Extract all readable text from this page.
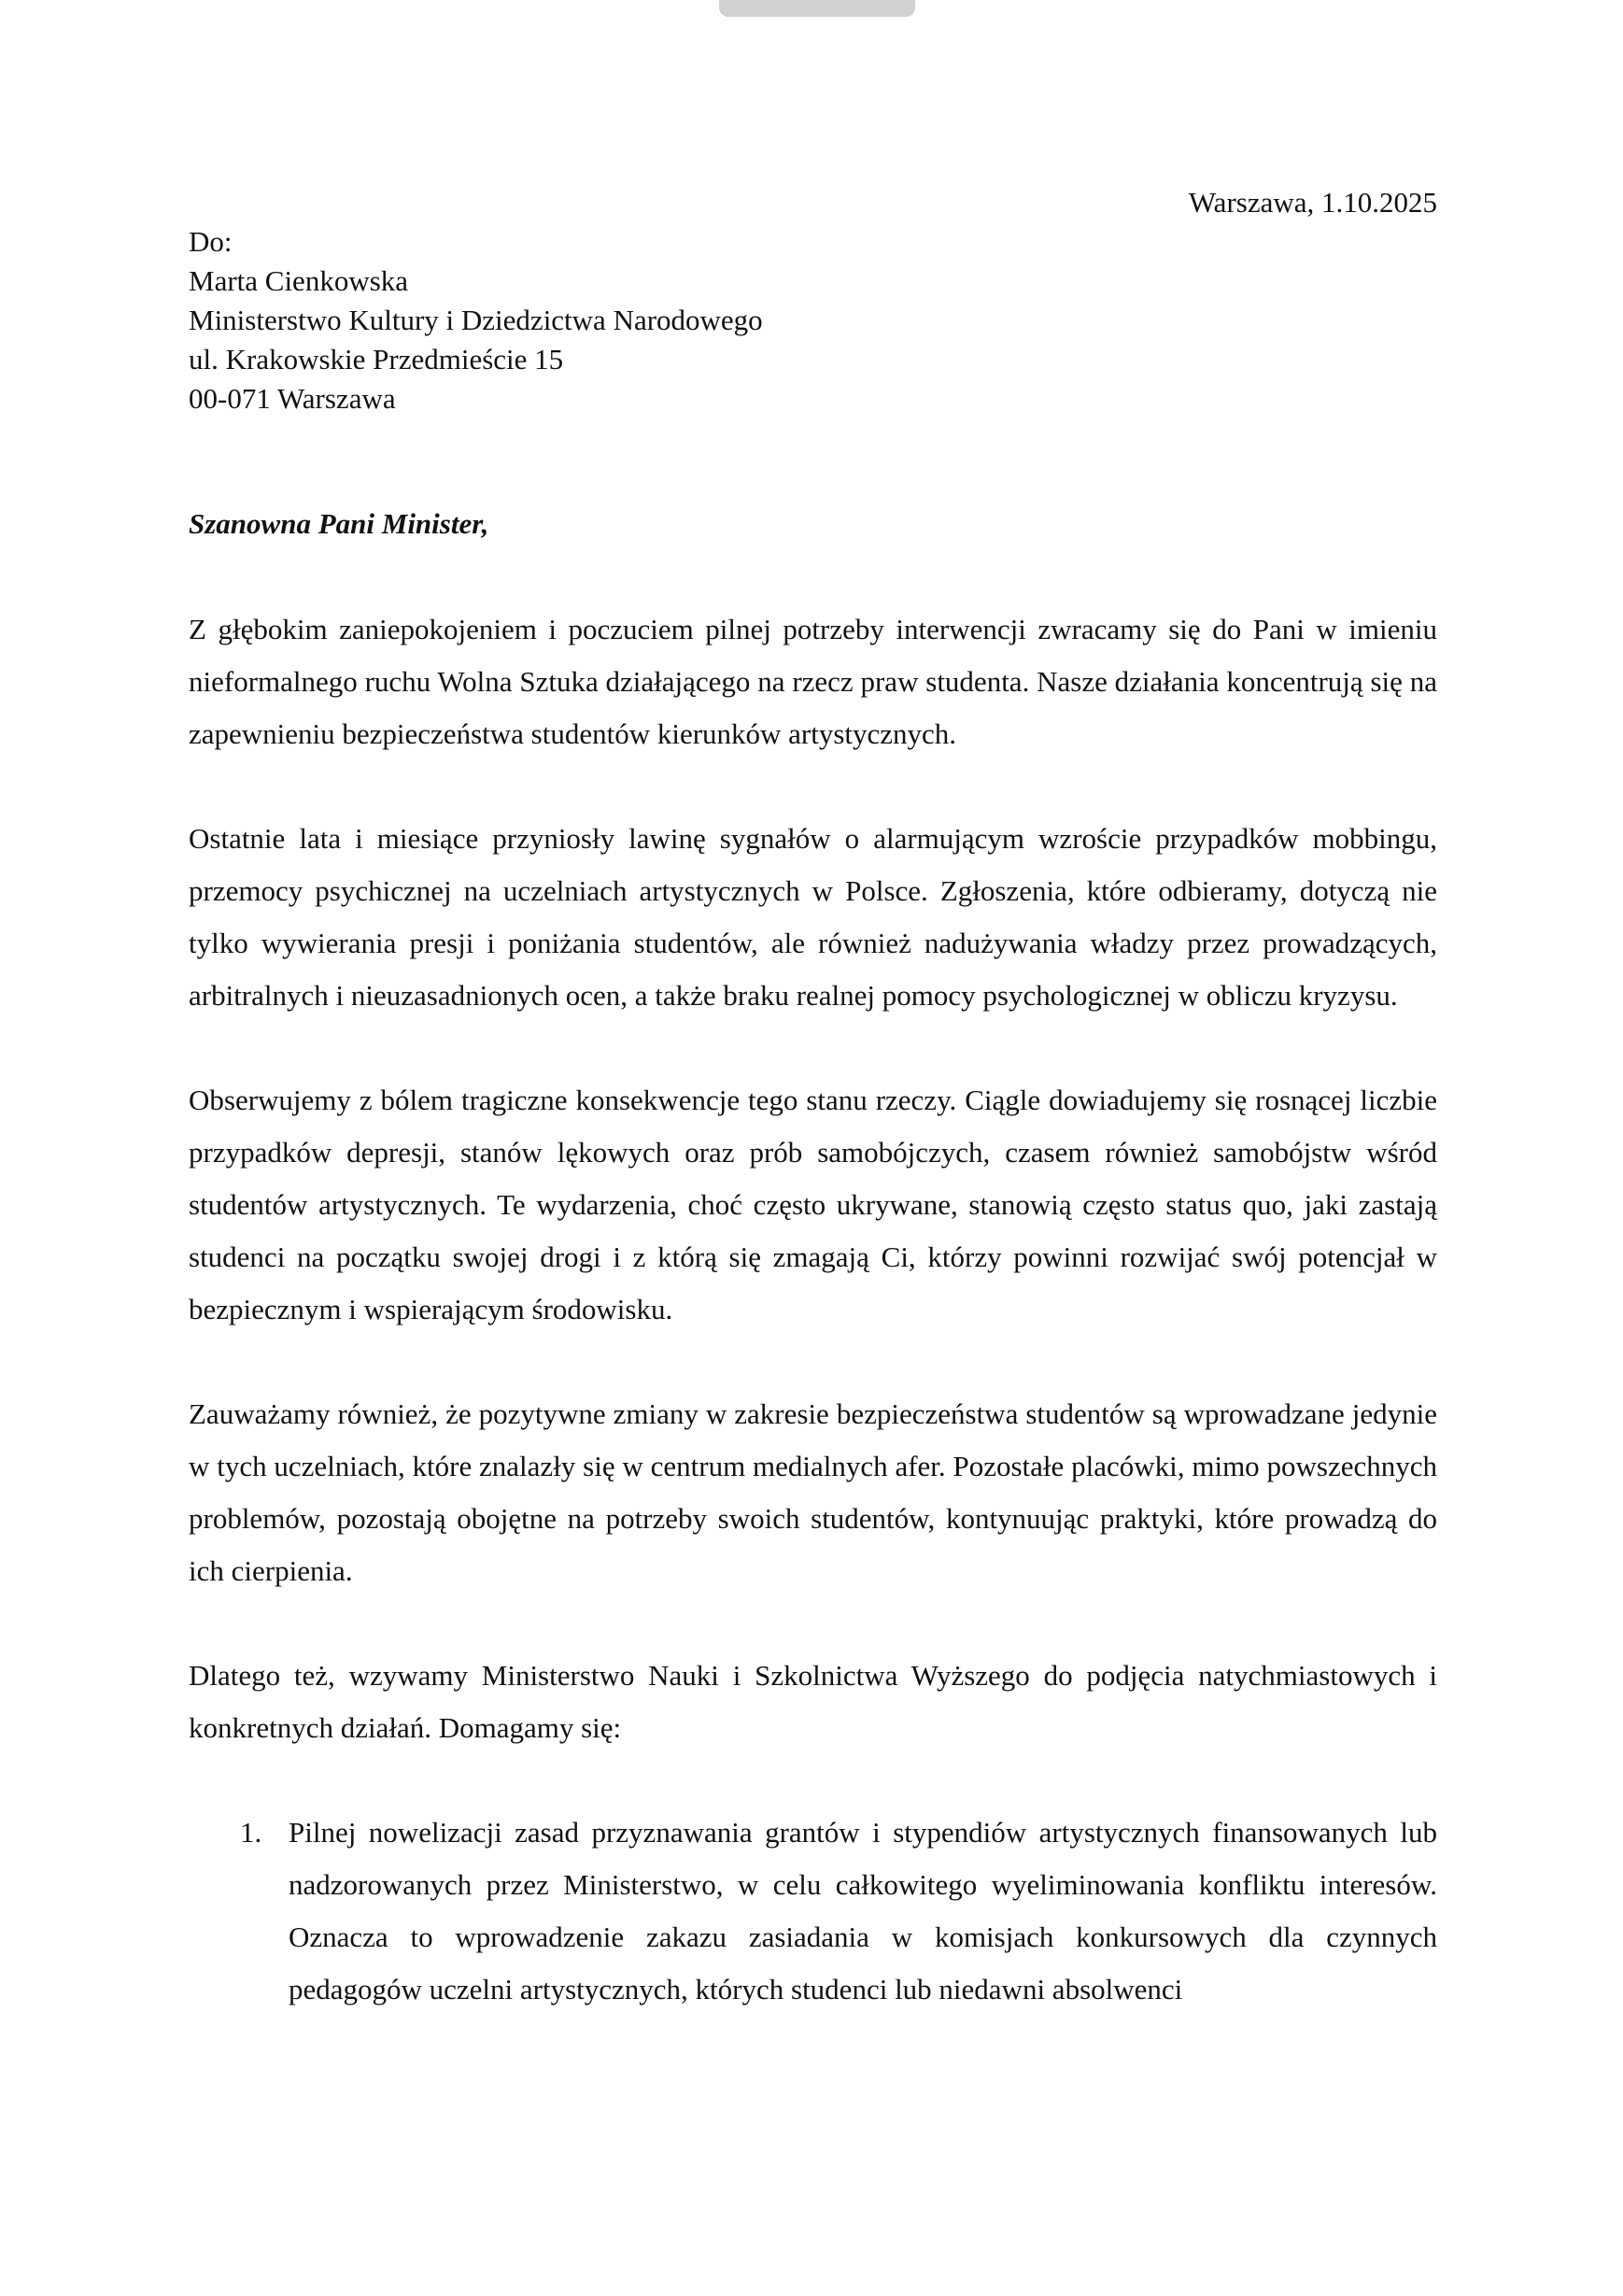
Warszawa, 1.10.2025
Do:
Marta Cienkowska
Ministerstwo Kultury i Dziedzictwa Narodowego
ul. Krakowskie Przedmieście 15
00-071 Warszawa
Szanowna Pani Minister,

Z głębokim zaniepokojeniem i poczuciem pilnej potrzeby interwencji zwracamy się do Pani w imieniu nieformalnego ruchu Wolna Sztuka działającego na rzecz praw studenta. Nasze działania koncentrują się na zapewnieniu bezpieczeństwa studentów kierunków artystycznych.

Ostatnie lata i miesiące przyniosły lawinę sygnałów o alarmującym wzroście przypadków mobbingu, przemocy psychicznej na uczelniach artystycznych w Polsce. Zgłoszenia, które odbieramy, dotyczą nie tylko wywierania presji i poniżania studentów, ale również nadużywania władzy przez prowadzących, arbitralnych i nieuzasadnionych ocen, a także braku realnej pomocy psychologicznej w obliczu kryzysu.

Obserwujemy z bólem tragiczne konsekwencje tego stanu rzeczy. Ciągle dowiadujemy się rosnącej liczbie przypadków depresji, stanów lękowych oraz prób samobójczych, czasem również samobójstw wśród studentów artystycznych. Te wydarzenia, choć często ukrywane, stanowią często status quo, jaki zastają studenci na początku swojej drogi i z którą się zmagają Ci, którzy powinni rozwijać swój potencjał w bezpiecznym i wspierającym środowisku.

Zauważamy również, że pozytywne zmiany w zakresie bezpieczeństwa studentów są wprowadzane jedynie w tych uczelniach, które znalazły się w centrum medialnych afer. Pozostałe placówki, mimo powszechnych problemów, pozostają obojętne na potrzeby swoich studentów, kontynuując praktyki, które prowadzą do ich cierpienia.

Dlatego też, wzywamy Ministerstwo Nauki i Szkolnictwa Wyższego do podjęcia natychmiastowych i konkretnych działań. Domagamy się:

1. Pilnej nowelizacji zasad przyznawania grantów i stypendiów artystycznych finansowanych lub nadzorowanych przez Ministerstwo, w celu całkowitego wyeliminowania konfliktu interesów. Oznacza to wprowadzenie zakazu zasiadania w komisjach konkursowych dla czynnych pedagogów uczelni artystycznych, których studenci lub niedawni absolwenci
